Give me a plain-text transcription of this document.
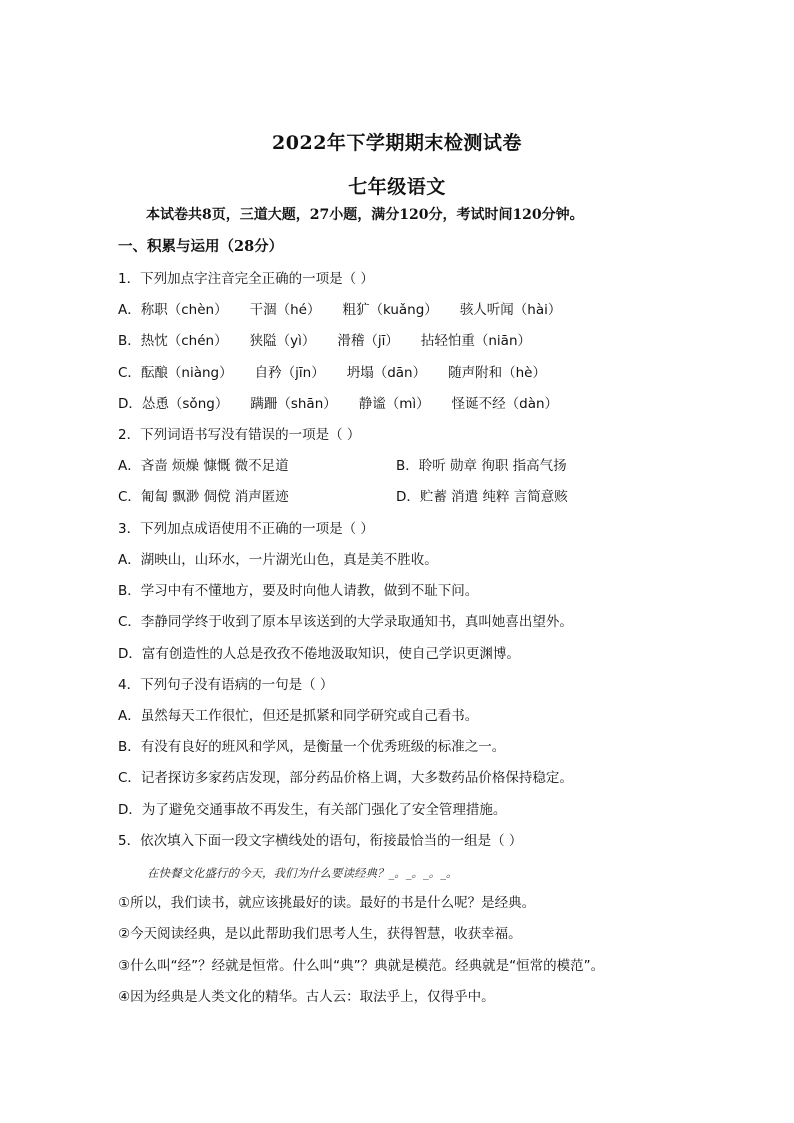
2022年下学期期末检测试卷
七年级语文
本试卷共8页，三道大题，27小题，满分120分，考试时间120分钟。
一、积累与运用（28分）
1．下列加点字注音完全正确的一项是（ ）
A．称职（chèn） 干涸（hé） 粗犷（kuǎng） 骇人听闻（hài）
B．热忱（chén） 狭隘（yì） 滑稽（jī） 拈轻怕重（niān）
C．酝酿（niàng） 自矜（jīn） 坍塌（dān） 随声附和（hè）
D．怂恿（sǒng） 蹒跚（shān） 静谧（mì） 怪诞不经（dàn）
2．下列词语书写没有错误的一项是（ ）
A．吝啬 烦燥 慷慨 微不足道	B．聆听 勋章 徇职 指高气扬
C．匍匐 飘渺 倜傥 消声匿迹	D．贮蓄 消遣 纯粹 言简意赅
3．下列加点成语使用不正确的一项是（ ）
A．湖映山，山环水，一片湖光山色，真是美不胜收。
B．学习中有不懂地方，要及时向他人请教，做到不耻下问。
C．李静同学终于收到了原本早该送到的大学录取通知书，真叫她喜出望外。
D．富有创造性的人总是孜孜不倦地汲取知识，使自己学识更渊博。
4．下列句子没有语病的一句是（ ）
A．虽然每天工作很忙，但还是抓紧和同学研究或自己看书。
B．有没有良好的班风和学风，是衡量一个优秀班级的标准之一。
C．记者探访多家药店发现，部分药品价格上调，大多数药品价格保持稳定。
D．为了避免交通事故不再发生，有关部门强化了安全管理措施。
5．依次填入下面一段文字横线处的语句，衔接最恰当的一组是（ ）
在快餐文化盛行的今天，我们为什么要读经典？_。_。_。_。
①所以，我们读书，就应该挑最好的读。最好的书是什么呢？是经典。
②今天阅读经典，是以此帮助我们思考人生，获得智慧，收获幸福。
③什么叫“经”？经就是恒常。什么叫“典”？典就是模范。经典就是“恒常的模范”。
④因为经典是人类文化的精华。古人云：取法乎上，仅得乎中。
